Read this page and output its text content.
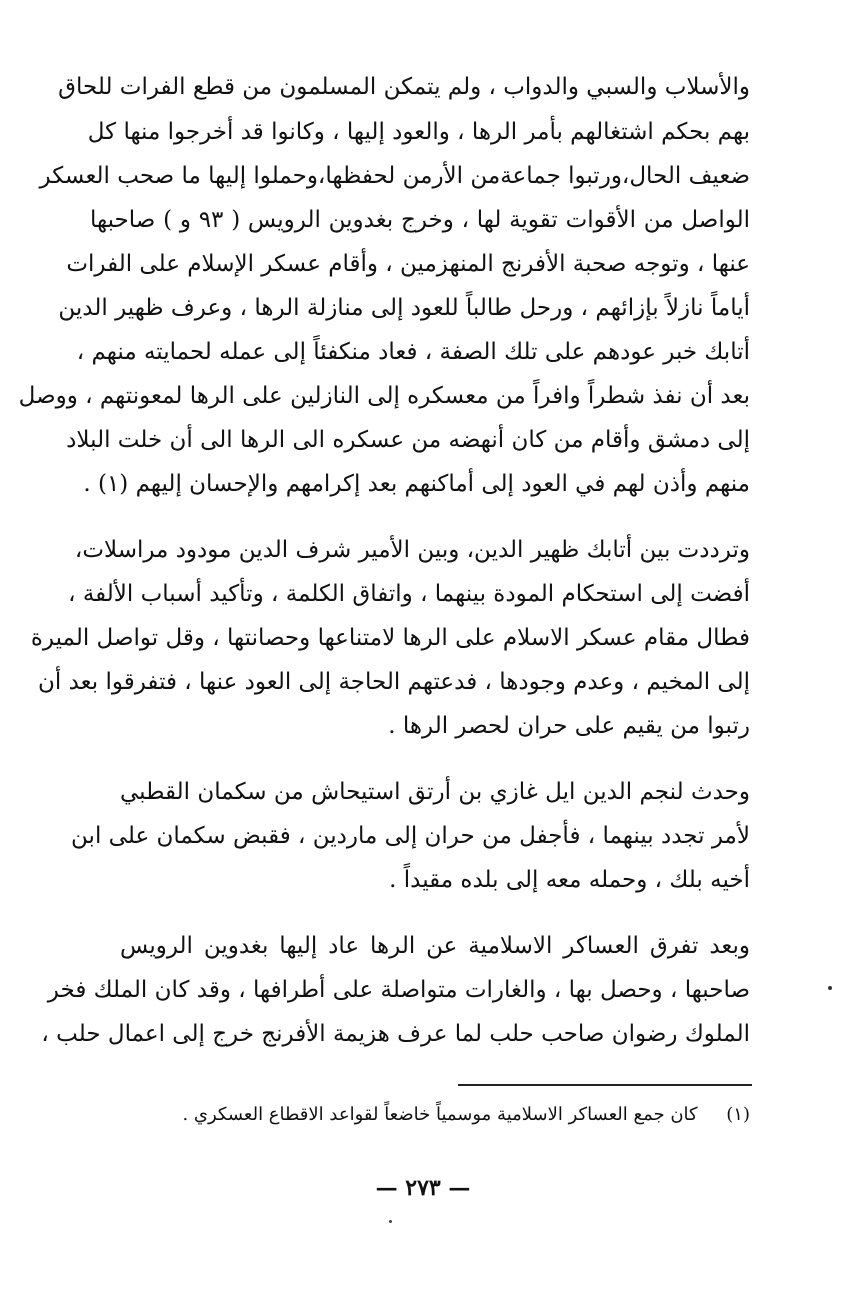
والأسلاب والسبي والدواب ، ولم يتمكن المسلمون من قطع الفرات للحاق
بهم بحكم اشتغالهم بأمر الرها ، والعود إليها ، وكانوا قد أخرجوا منها كل
ضعيف الحال،ورتبوا جماعةمن الأرمن لحفظها،وحملوا إليها ما صحب العسكر
الواصل من الأقوات تقوية لها ، وخرج بغدوين الرويس ( ٩٣ و ) صاحبها
عنها ، وتوجه صحبة الأفرنج المنهزمين ، وأقام عسكر الإسلام على الفرات
أياماً نازلاً بإزائهم ، ورحل طالباً للعود إلى منازلة الرها ، وعرف ظهير الدين
أتابك خبر عودهم على تلك الصفة ، فعاد منكفئاً إلى عمله لحمايته منهم ،
بعد أن نفذ شطراً وافراً من معسكره إلى النازلين على الرها لمعونتهم ، ووصل
إلى دمشق وأقام من كان أنهضه من عسكره الى الرها الى أن خلت البلاد
منهم وأذن لهم في العود إلى أماكنهم بعد إكرامهم والإحسان إليهم (١) .
وترددت بين أتابك ظهير الدين، وبين الأمير شرف الدين مودود مراسلات،
أفضت إلى استحكام المودة بينهما ، واتفاق الكلمة ، وتأكيد أسباب الألفة ،
فطال مقام عسكر الاسلام على الرها لامتناعها وحصانتها ، وقل تواصل الميرة
إلى المخيم ، وعدم وجودها ، فدعتهم الحاجة إلى العود عنها ، فتفرقوا بعد أن
رتبوا من يقيم على حران لحصر الرها .
وحدث لنجم الدين ايل غازي بن أرتق استيحاش من سكمان القطبي
لأمر تجدد بينهما ، فأجفل من حران إلى ماردين ، فقبض سكمان على ابن
أخيه بلك ، وحمله معه إلى بلده مقيداً .
وبعد تفرق العساكر الاسلامية عن الرها عاد إليها بغدوين الرويس
صاحبها ، وحصل بها ، والغارات متواصلة على أطرافها ، وقد كان الملك فخر
الملوك رضوان صاحب حلب لما عرف هزيمة الأفرنج خرج إلى اعمال حلب ،
(١)     كان جمع العساكر الاسلامية موسمياً خاضعاً لقواعد الاقطاع العسكري .
— ٢٧٣ —
